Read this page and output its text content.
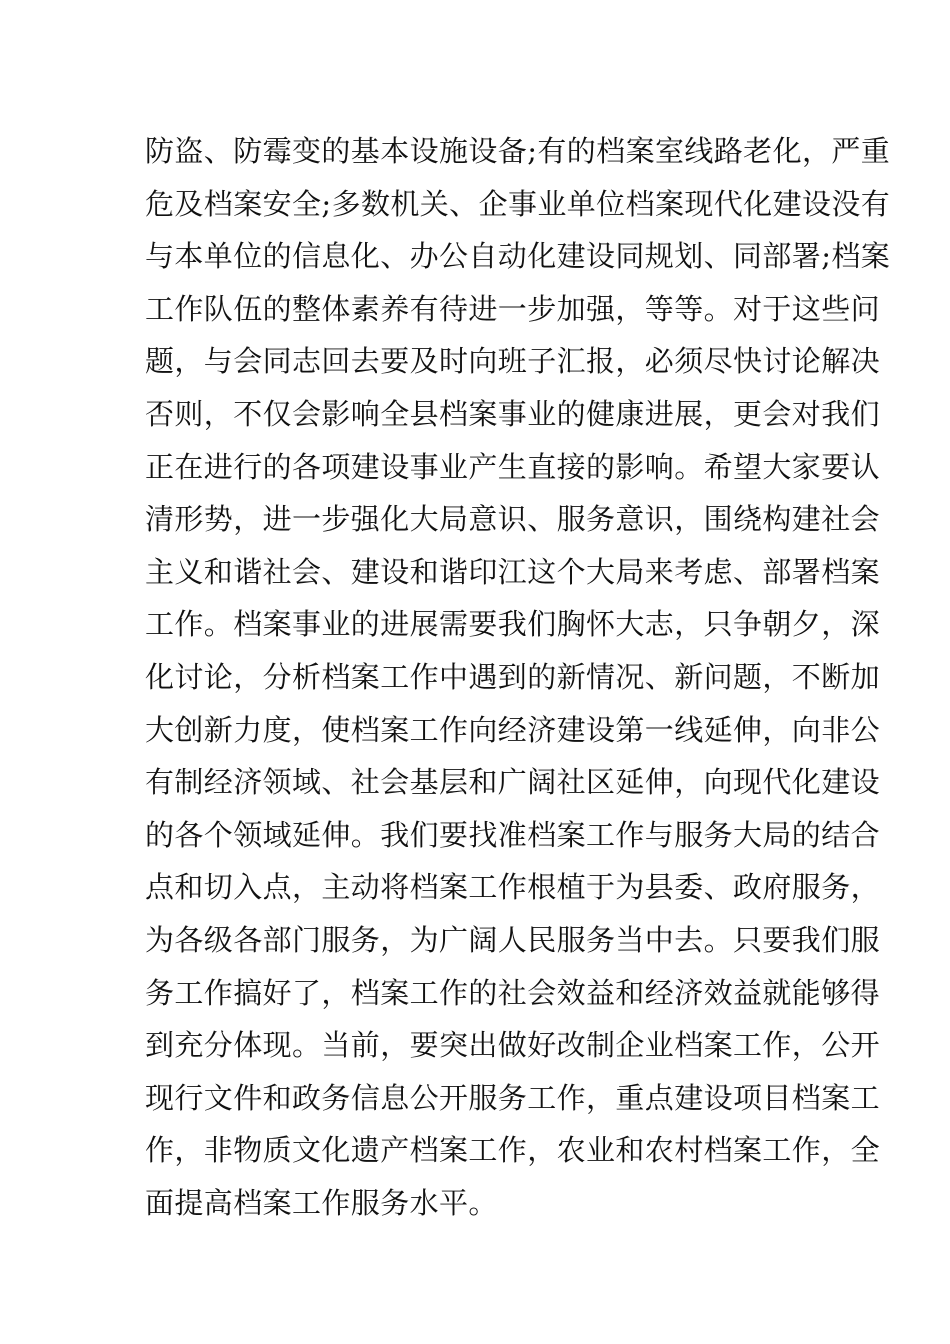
防盗、防霉变的基本设施设备;有的档案室线路老化，严重
危及档案安全;多数机关、企事业单位档案现代化建设没有
与本单位的信息化、办公自动化建设同规划、同部署;档案
工作队伍的整体素养有待进一步加强，等等。对于这些问
题，与会同志回去要及时向班子汇报，必须尽快讨论解决
否则，不仅会影响全县档案事业的健康进展，更会对我们
正在进行的各项建设事业产生直接的影响。希望大家要认
清形势，进一步强化大局意识、服务意识，围绕构建社会
主义和谐社会、建设和谐印江这个大局来考虑、部署档案
工作。档案事业的进展需要我们胸怀大志，只争朝夕，深
化讨论，分析档案工作中遇到的新情况、新问题，不断加
大创新力度，使档案工作向经济建设第一线延伸，向非公
有制经济领域、社会基层和广阔社区延伸，向现代化建设
的各个领域延伸。我们要找准档案工作与服务大局的结合
点和切入点，主动将档案工作根植于为县委、政府服务，
为各级各部门服务，为广阔人民服务当中去。只要我们服
务工作搞好了，档案工作的社会效益和经济效益就能够得
到充分体现。当前，要突出做好改制企业档案工作，公开
现行文件和政务信息公开服务工作，重点建设项目档案工
作，非物质文化遗产档案工作，农业和农村档案工作，全
面提高档案工作服务水平。
